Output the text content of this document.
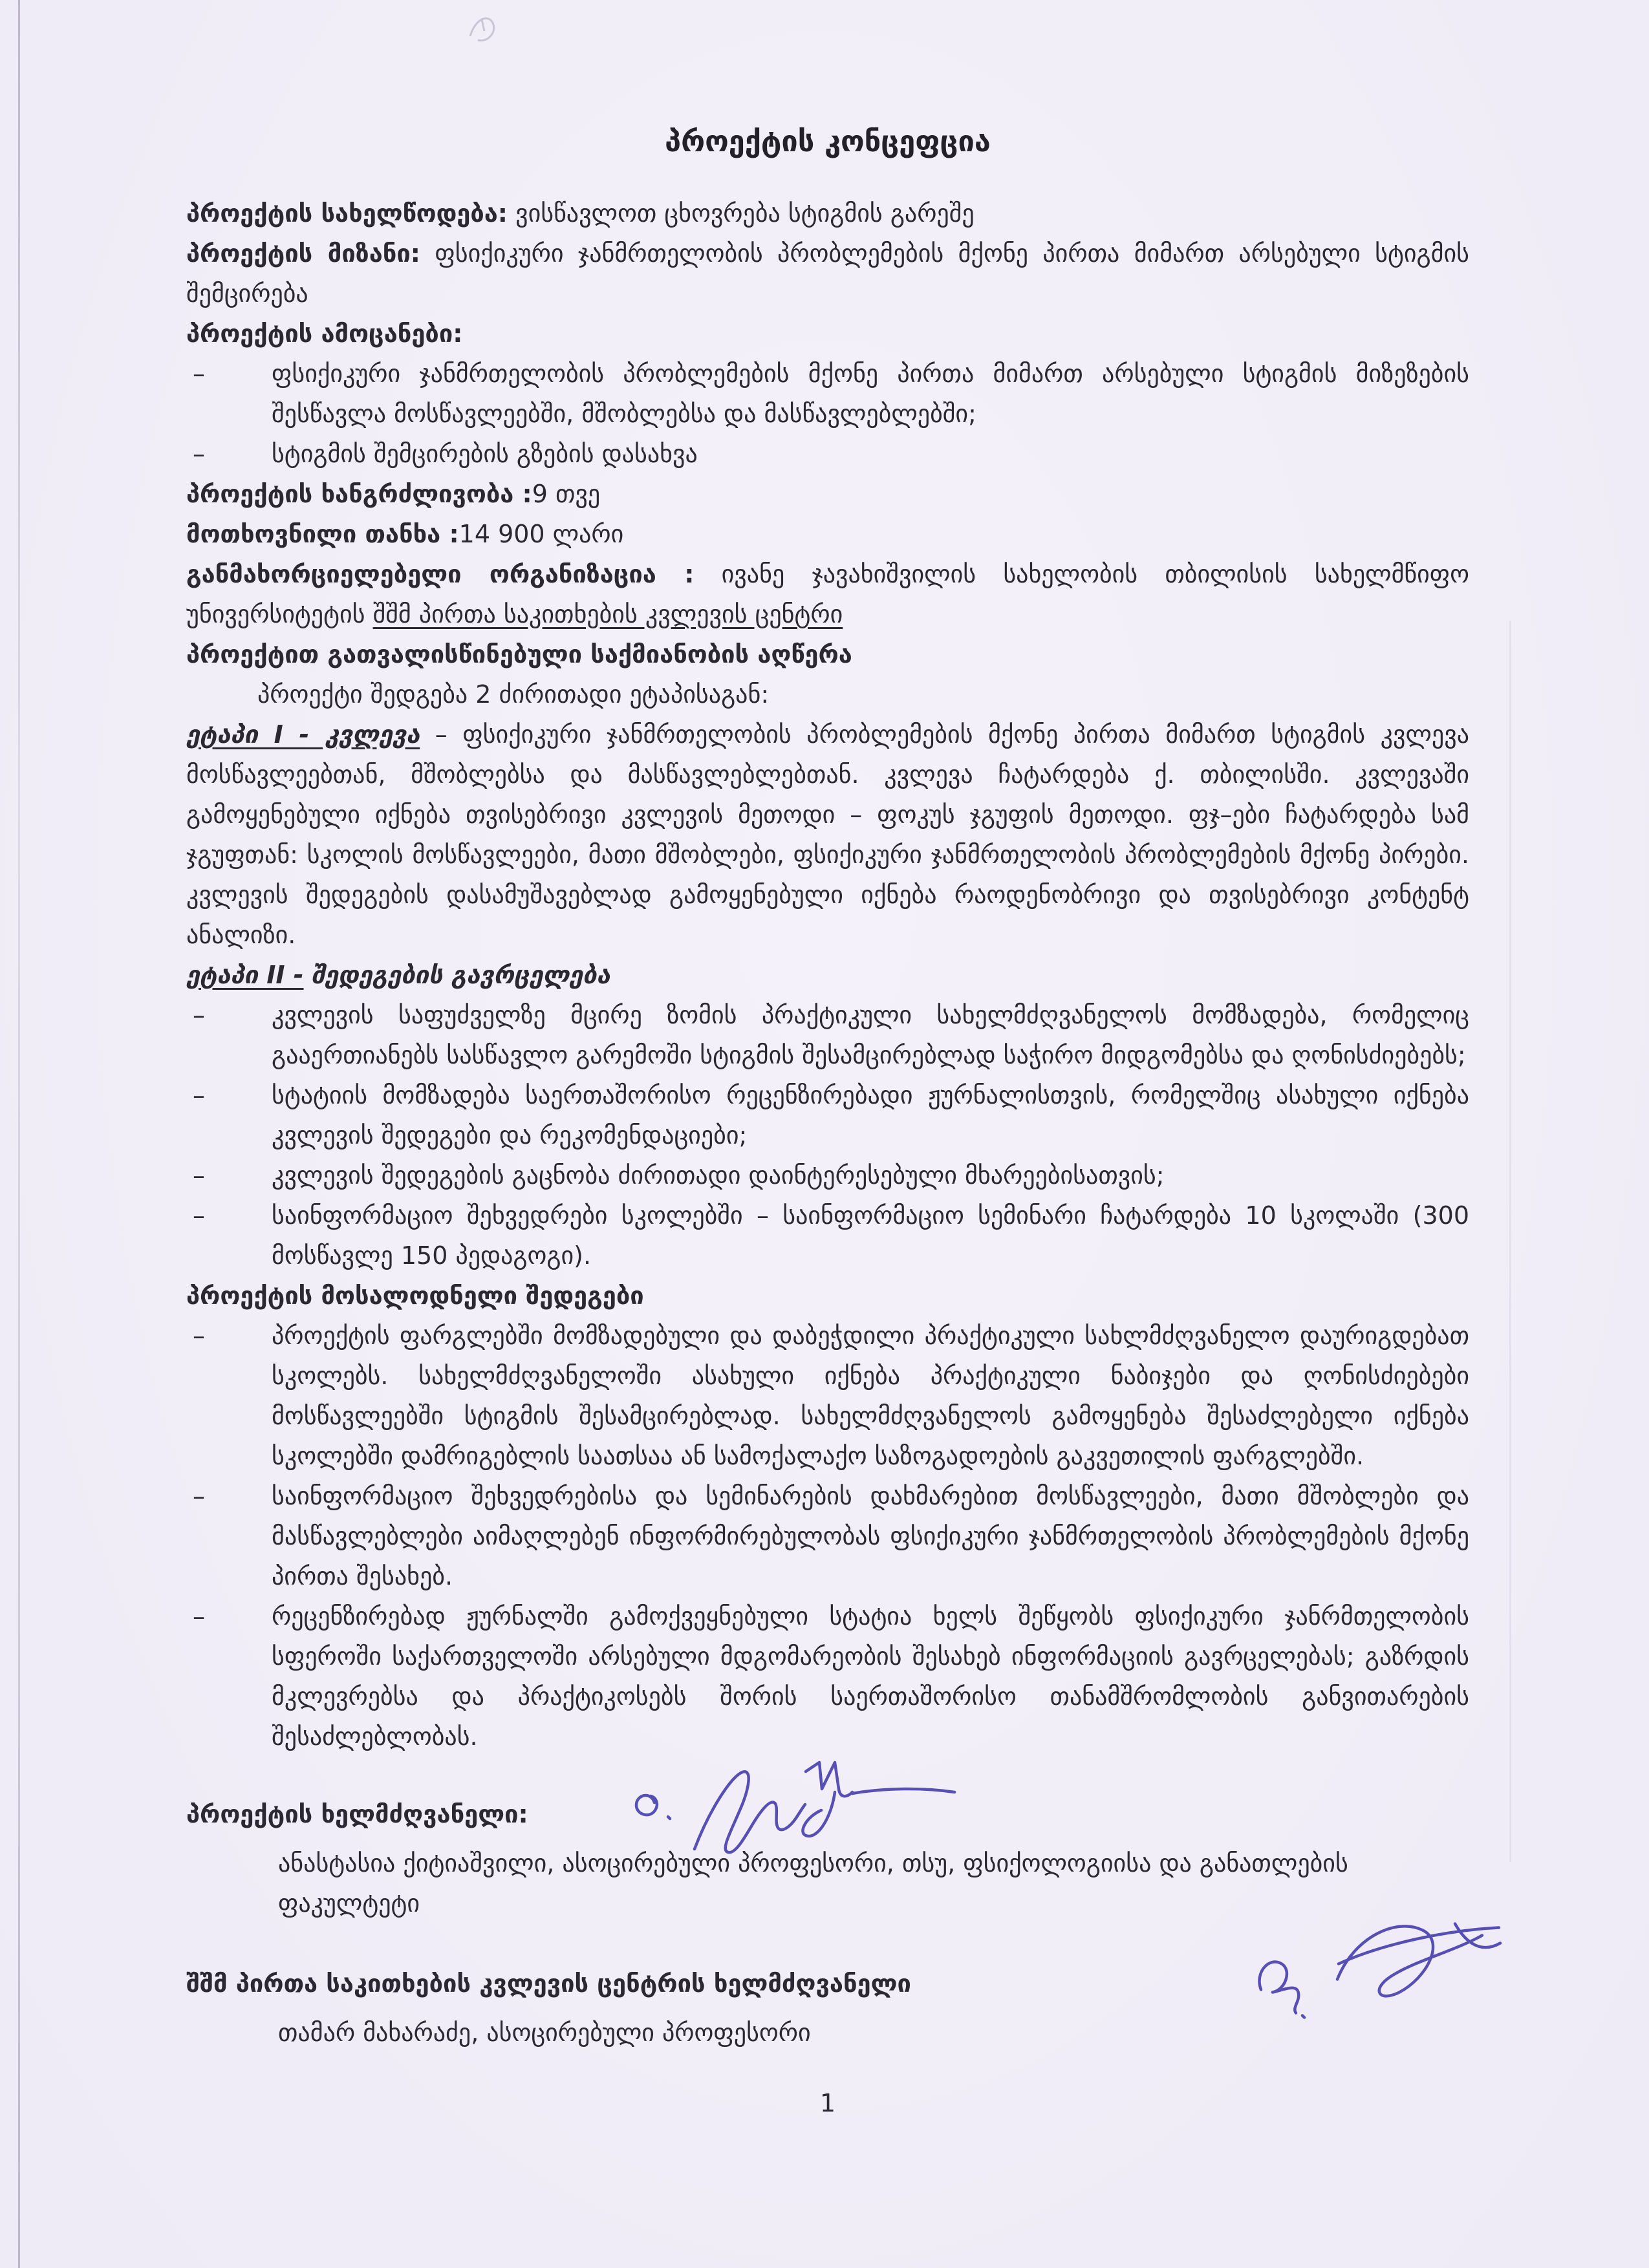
პროექტის კონცეფცია
პროექტის სახელწოდება: ვისწავლოთ ცხოვრება სტიგმის გარეშე
პროექტის მიზანი: ფსიქიკური ჯანმრთელობის პრობლემების მქონე პირთა მიმართ არსებული სტიგმის შემცირება
პროექტის ამოცანები:
–	ფსიქიკური ჯანმრთელობის პრობლემების მქონე პირთა მიმართ არსებული სტიგმის მიზეზების შესწავლა მოსწავლეებში, მშობლებსა და მასწავლებლებში;
–	სტიგმის შემცირების გზების დასახვა
პროექტის ხანგრძლივობა :9 თვე
მოთხოვნილი თანხა :14 900 ლარი
განმახორციელებელი ორგანიზაცია : ივანე ჯავახიშვილის სახელობის თბილისის სახელმწიფო უნივერსიტეტის შშმ პირთა საკითხების კვლევის ცენტრი
პროექტით გათვალისწინებული საქმიანობის აღწერა
პროექტი შედგება 2 ძირითადი ეტაპისაგან:
ეტაპი I - კვლევა – ფსიქიკური ჯანმრთელობის პრობლემების მქონე პირთა მიმართ სტიგმის კვლევა მოსწავლეებთან, მშობლებსა და მასწავლებლებთან. კვლევა ჩატარდება ქ. თბილისში. კვლევაში გამოყენებული იქნება თვისებრივი კვლევის მეთოდი – ფოკუს ჯგუფის მეთოდი. ფჯ–ები ჩატარდება სამ ჯგუფთან: სკოლის მოსწავლეები, მათი მშობლები, ფსიქიკური ჯანმრთელობის პრობლემების მქონე პირები. კვლევის შედეგების დასამუშავებლად გამოყენებული იქნება რაოდენობრივი და თვისებრივი კონტენტ ანალიზი.
ეტაპი II - შედეგების გავრცელება
–	კვლევის საფუძველზე მცირე ზომის პრაქტიკული სახელმძღვანელოს მომზადება, რომელიც გააერთიანებს სასწავლო გარემოში სტიგმის შესამცირებლად საჭირო მიდგომებსა და ღონისძიებებს;
–	სტატიის მომზადება საერთაშორისო რეცენზირებადი ჟურნალისთვის, რომელშიც ასახული იქნება კვლევის შედეგები და რეკომენდაციები;
–	კვლევის შედეგების გაცნობა ძირითადი დაინტერესებული მხარეებისათვის;
–	საინფორმაციო შეხვედრები სკოლებში – საინფორმაციო სემინარი ჩატარდება 10 სკოლაში (300 მოსწავლე 150 პედაგოგი).
პროექტის მოსალოდნელი შედეგები
–	პროექტის ფარგლებში მომზადებული და დაბეჭდილი პრაქტიკული სახლმძღვანელო დაურიგდებათ სკოლებს. სახელმძღვანელოში ასახული იქნება პრაქტიკული ნაბიჯები და ღონისძიებები მოსწავლეებში სტიგმის შესამცირებლად. სახელმძღვანელოს გამოყენება შესაძლებელი იქნება სკოლებში დამრიგებლის საათსაა ან სამოქალაქო საზოგადოების გაკვეთილის ფარგლებში.
–	საინფორმაციო შეხვედრებისა და სემინარების დახმარებით მოსწავლეები, მათი მშობლები და მასწავლებლები აიმაღლებენ ინფორმირებულობას ფსიქიკური ჯანმრთელობის პრობლემების მქონე პირთა შესახებ.
–	რეცენზირებად ჟურნალში გამოქვეყნებული სტატია ხელს შეწყობს ფსიქიკური ჯანრმთელობის სფეროში საქართველოში არსებული მდგომარეობის შესახებ ინფორმაციის გავრცელებას; გაზრდის მკლევრებსა და პრაქტიკოსებს შორის საერთაშორისო თანამშრომლობის განვითარების შესაძლებლობას.
პროექტის ხელმძღვანელი:
ანასტასია ქიტიაშვილი, ასოცირებული პროფესორი, თსუ, ფსიქოლოგიისა და განათლების ფაკულტეტი
შშმ პირთა საკითხების კვლევის ცენტრის ხელმძღვანელი
თამარ მახარაძე, ასოცირებული პროფესორი
1
